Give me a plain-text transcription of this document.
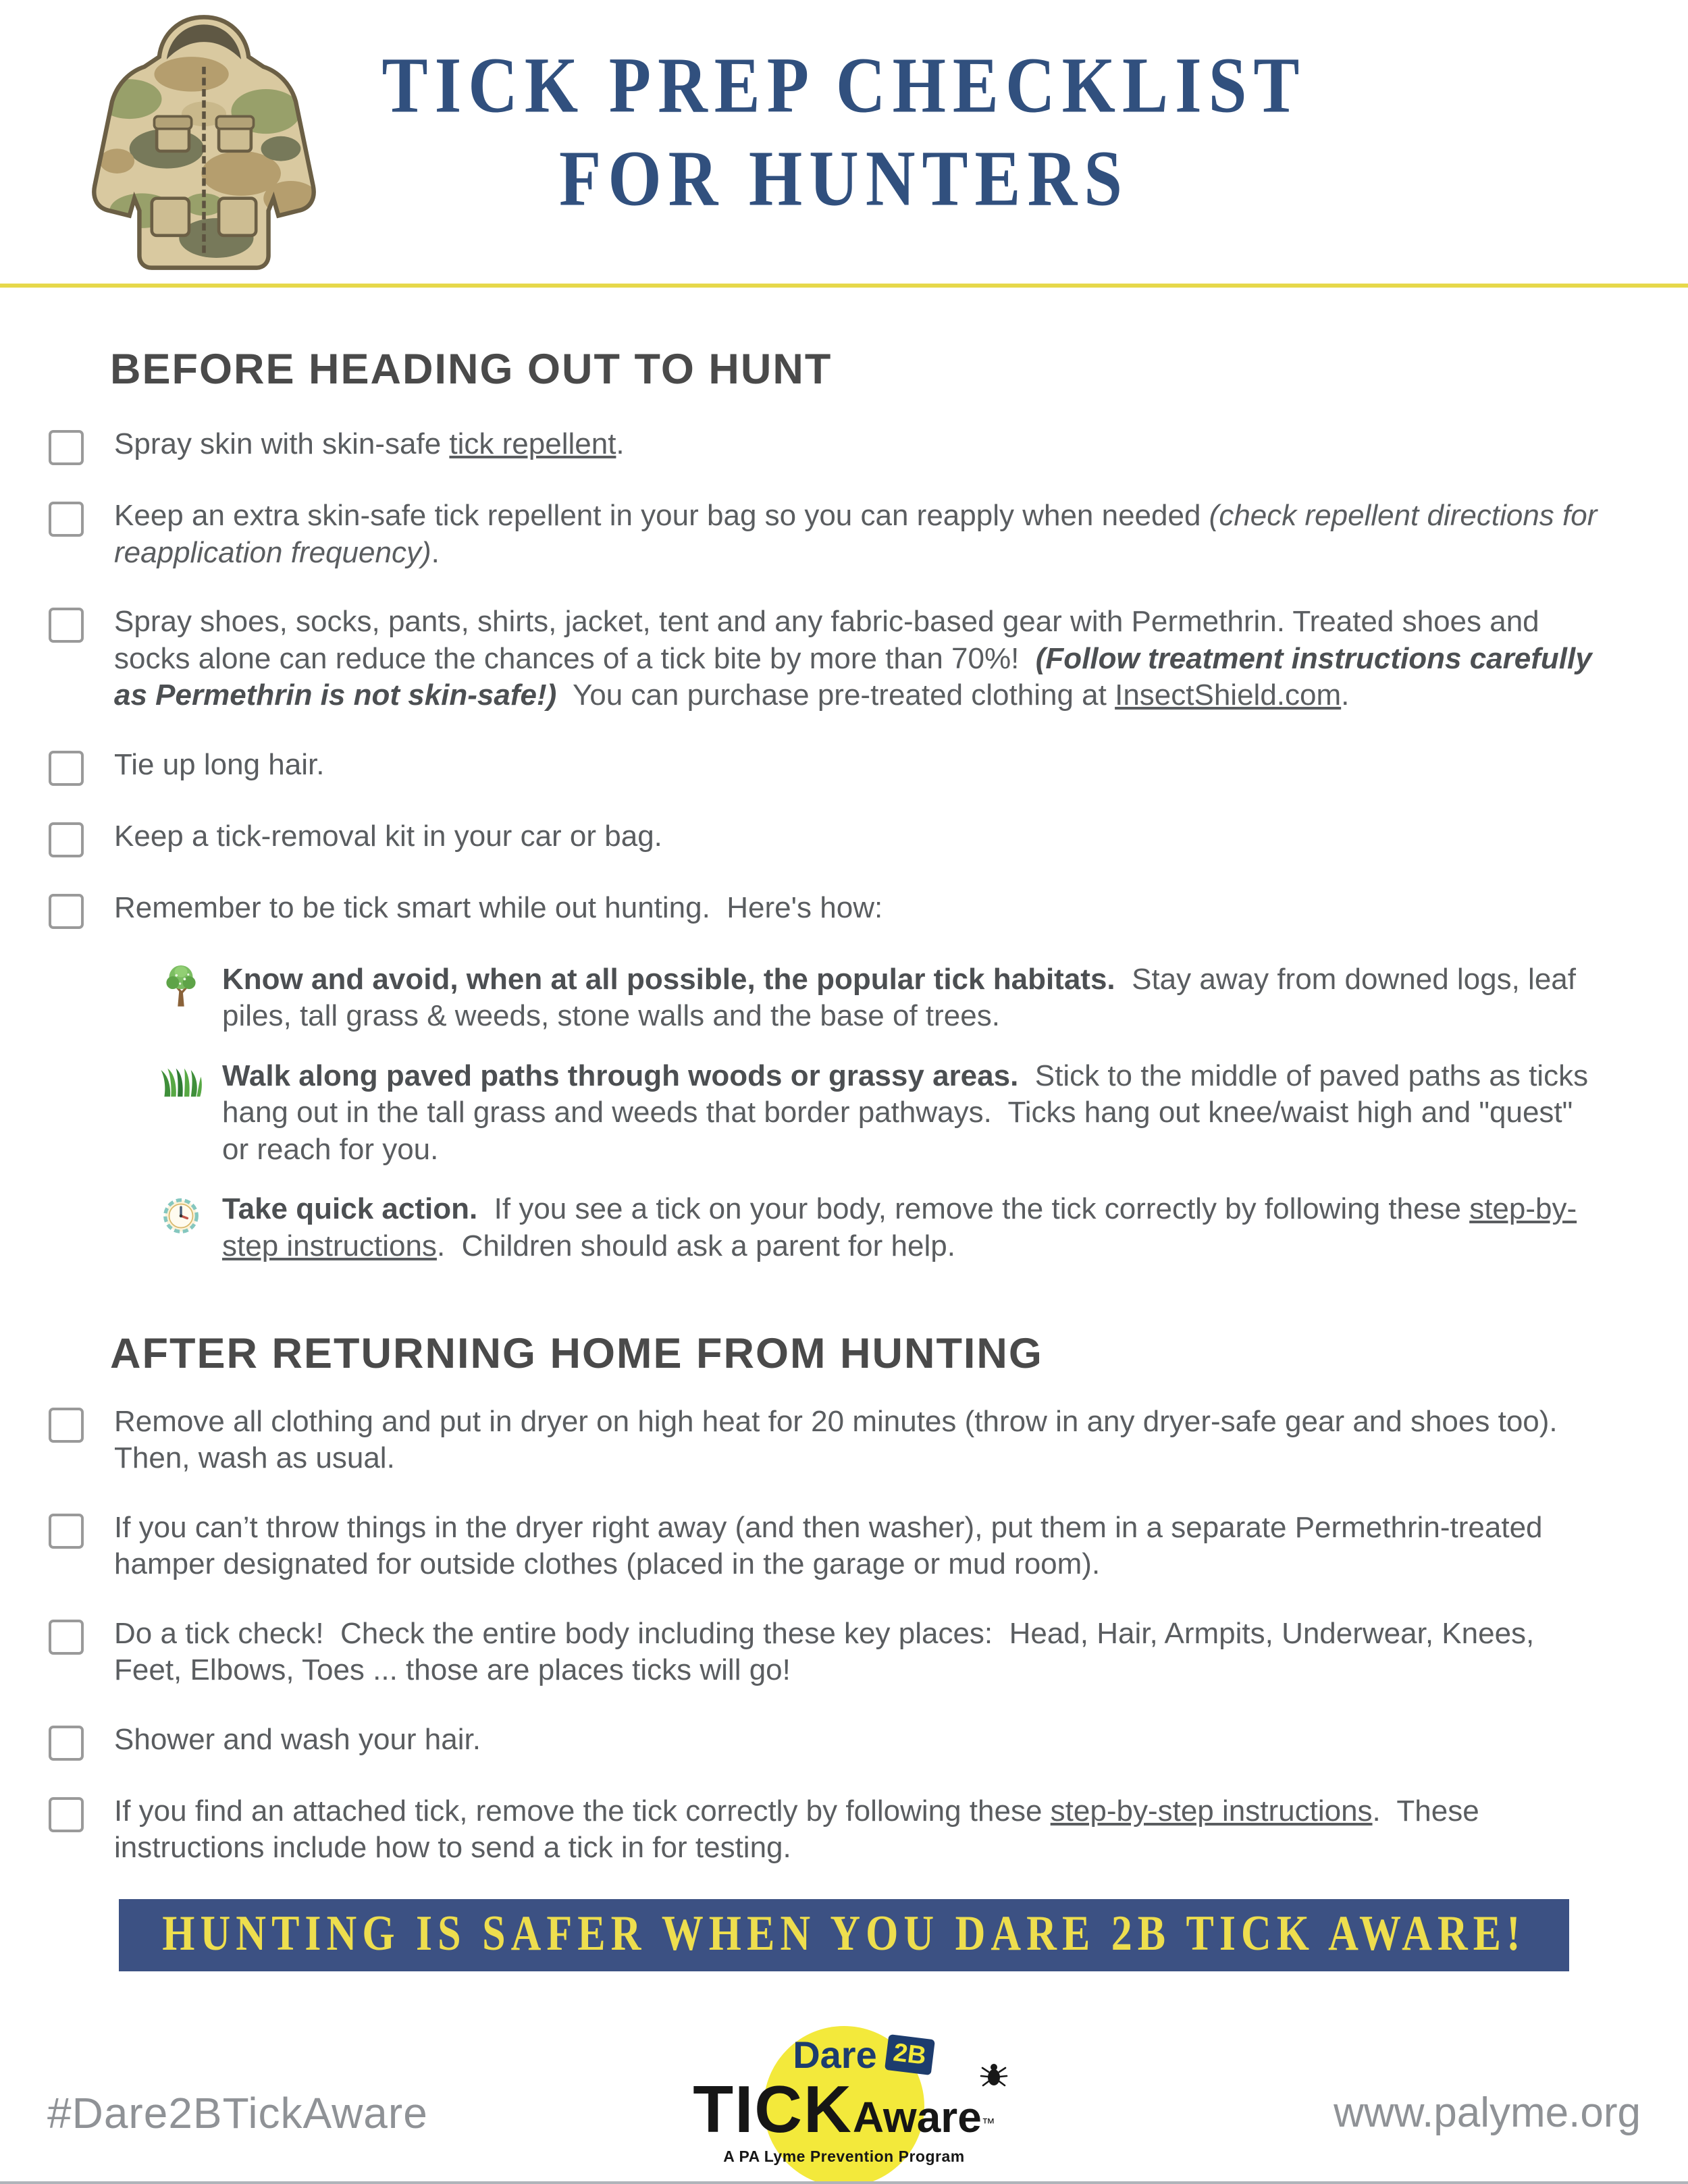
TICK PREP CHECKLIST
FOR HUNTERS
BEFORE HEADING OUT TO HUNT

Spray skin with skin-safe tick repellent.

Keep an extra skin-safe tick repellent in your bag so you can reapply when needed (check repellent directions for reapplication frequency).

Spray shoes, socks, pants, shirts, jacket, tent and any fabric-based gear with Permethrin. Treated shoes and socks alone can reduce the chances of a tick bite by more than 70%!  (Follow treatment instructions carefully as Permethrin is not skin-safe!)  You can purchase pre-treated clothing at InsectShield.com.

Tie up long hair.

Keep a tick-removal kit in your car or bag.

Remember to be tick smart while out hunting.  Here's how:

Know and avoid, when at all possible, the popular tick habitats.  Stay away from downed logs, leaf piles, tall grass & weeds, stone walls and the base of trees.

Walk along paved paths through woods or grassy areas.  Stick to the middle of paved paths as ticks hang out in the tall grass and weeds that border pathways.  Ticks hang out knee/waist high and "quest" or reach for you.

Take quick action.  If you see a tick on your body, remove the tick correctly by following these step-by-step instructions.  Children should ask a parent for help.

AFTER RETURNING HOME FROM HUNTING

Remove all clothing and put in dryer on high heat for 20 minutes (throw in any dryer-safe gear and shoes too). Then, wash as usual.

If you can’t throw things in the dryer right away (and then washer), put them in a separate Permethrin-treated hamper designated for outside clothes (placed in the garage or mud room).

Do a tick check!  Check the entire body including these key places:  Head, Hair, Armpits, Underwear, Knees, Feet, Elbows, Toes ... those are places ticks will go!

Shower and wash your hair.

If you find an attached tick, remove the tick correctly by following these step-by-step instructions.  These instructions include how to send a tick in for testing.

HUNTING IS SAFER WHEN YOU DARE 2B TICK AWARE!
#Dare2BTickAware
Dare 2B
TICKAware™
A PA Lyme Prevention Program
www.palyme.org
